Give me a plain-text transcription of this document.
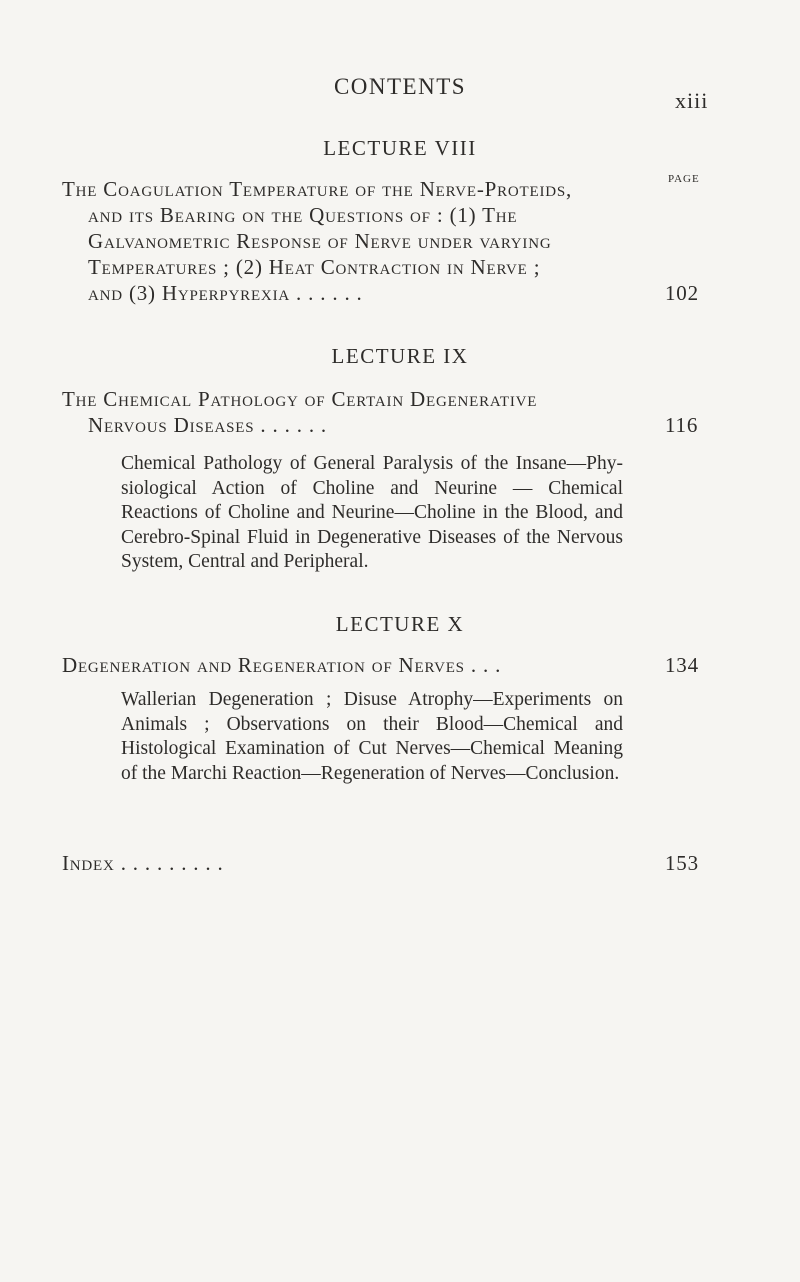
CONTENTS
xiii
LECTURE VIII
PAGE
The Coagulation Temperature of the Nerve-Proteids,
and its Bearing on the Questions of : (1) The
Galvanometric Response of Nerve under varying
Temperatures ; (2) Heat Contraction in Nerve ;
and (3) Hyperpyrexia . . . . . .	102
LECTURE IX
The Chemical Pathology of Certain Degenerative
Nervous Diseases . . . . . .	116

Chemical Pathology of General Paralysis of the Insane—Physiological Action of Choline and Neurine — Chemical Reactions of Choline and Neurine—Choline in the Blood, and Cerebro-Spinal Fluid in Degenerative Diseases of the Nervous System, Central and Peripheral.

LECTURE X
Degeneration and Regeneration of Nerves . . .	134

Wallerian Degeneration ; Disuse Atrophy—Experiments on Animals ; Observations on their Blood—Chemical and Histological Examination of Cut Nerves—Chemical Meaning of the Marchi Reaction—Regeneration of Nerves—Conclusion.

Index . . . . . . . . .	153
